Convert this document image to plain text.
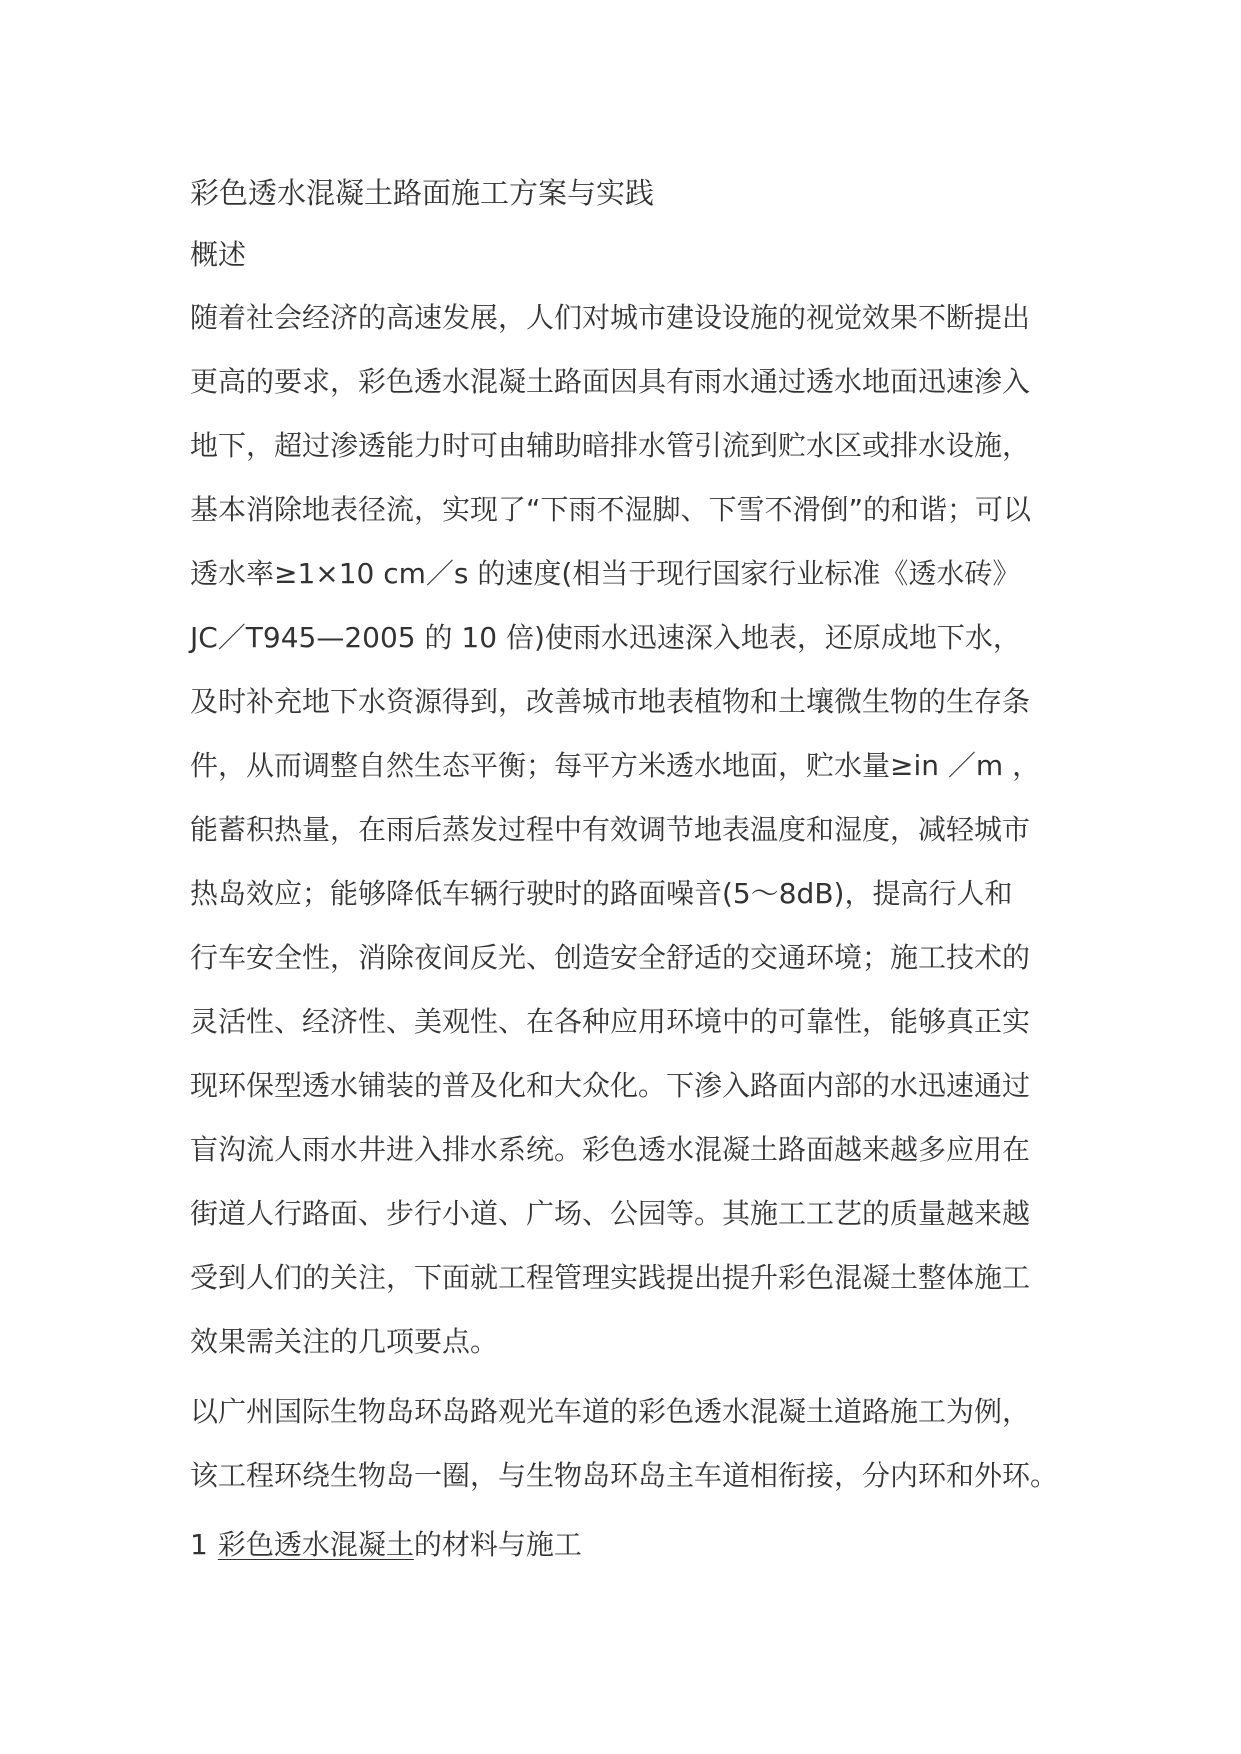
彩色透水混凝土路面施工方案与实践
概述
随着社会经济的高速发展，人们对城市建设设施的视觉效果不断提出
更高的要求，彩色透水混凝土路面因具有雨水通过透水地面迅速渗入
地下，超过渗透能力时可由辅助暗排水管引流到贮水区或排水设施，
基本消除地表径流，实现了“下雨不湿脚、下雪不滑倒”的和谐；可以
透水率≥1×10 cm／s 的速度(相当于现行国家行业标准《透水砖》
JC／T945—2005 的 10 倍)使雨水迅速深入地表，还原成地下水，
及时补充地下水资源得到，改善城市地表植物和土壤微生物的生存条
件，从而调整自然生态平衡；每平方米透水地面，贮水量≥in ／m ，
能蓄积热量，在雨后蒸发过程中有效调节地表温度和湿度，减轻城市
热岛效应；能够降低车辆行驶时的路面噪音(5～8dB)，提高行人和
行车安全性，消除夜间反光、创造安全舒适的交通环境；施工技术的
灵活性、经济性、美观性、在各种应用环境中的可靠性，能够真正实
现环保型透水铺装的普及化和大众化。下渗入路面内部的水迅速通过
盲沟流人雨水井进入排水系统。彩色透水混凝土路面越来越多应用在
街道人行路面、步行小道、广场、公园等。其施工工艺的质量越来越
受到人们的关注，下面就工程管理实践提出提升彩色混凝土整体施工
效果需关注的几项要点。
以广州国际生物岛环岛路观光车道的彩色透水混凝土道路施工为例，
该工程环绕生物岛一圈，与生物岛环岛主车道相衔接，分内环和外环。
1 彩色透水混凝土的材料与施工
